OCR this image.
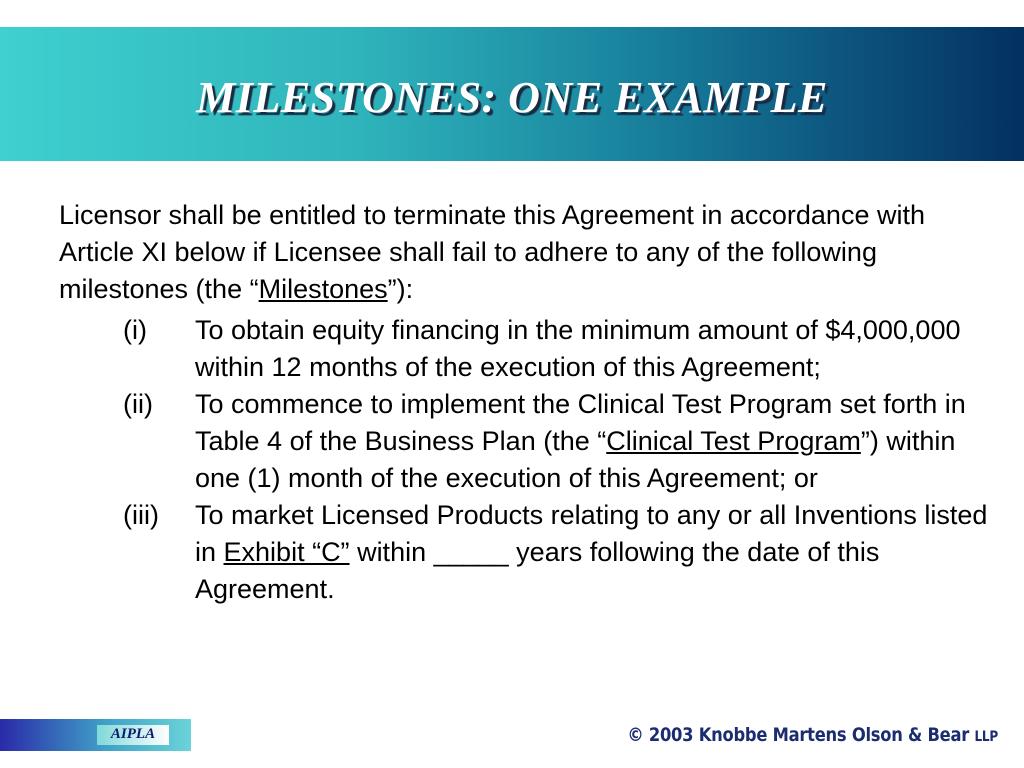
MILESTONES: ONE EXAMPLE

Licensor shall be entitled to terminate this Agreement in accordance with Article XI below if Licensee shall fail to adhere to any of the following milestones (the “Milestones”):

(i)	To obtain equity financing in the minimum amount of $4,000,000 within 12 months of the execution of this Agreement;
(ii)	To commence to implement the Clinical Test Program set forth in Table 4 of the Business Plan (the “Clinical Test Program”) within one (1) month of the execution of this Agreement; or
(iii)	To market Licensed Products relating to any or all Inventions listed in Exhibit “C” within _____ years following the date of this Agreement.
AIPLA	© 2003 Knobbe Martens Olson & Bear LLP
